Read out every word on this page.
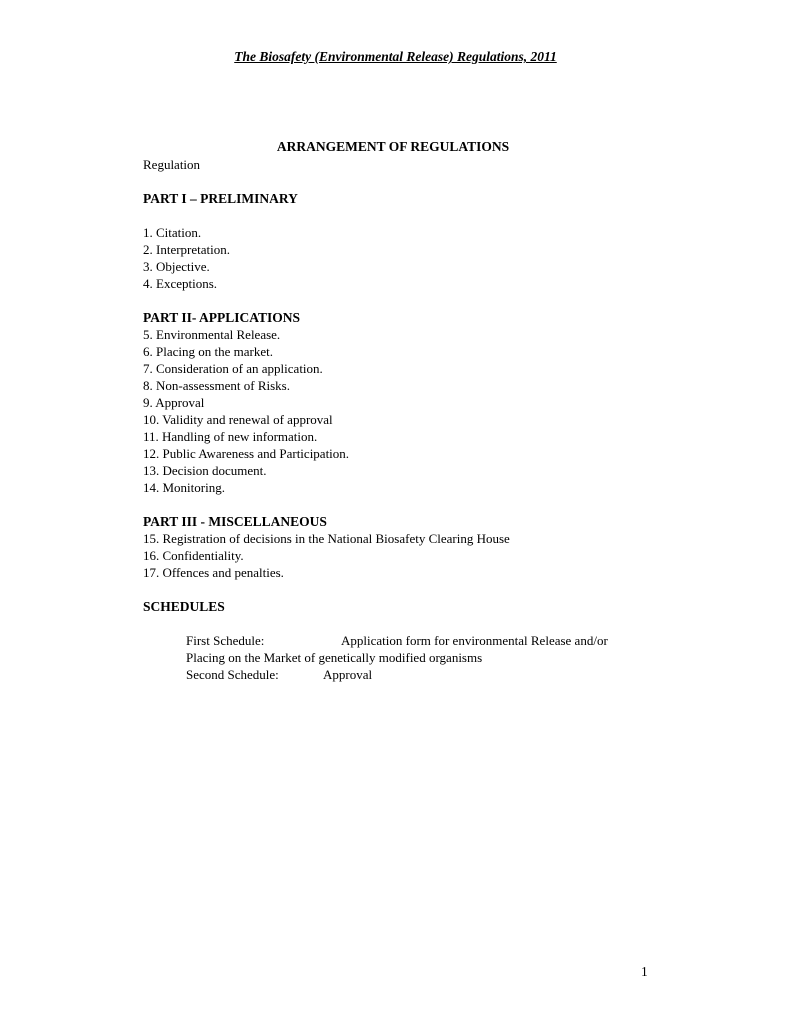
The Biosafety (Environmental Release) Regulations, 2011
ARRANGEMENT OF REGULATIONS
Regulation
PART I – PRELIMINARY
1. Citation.
2. Interpretation.
3. Objective.
4. Exceptions.
PART II- APPLICATIONS
5. Environmental Release.
6. Placing on the market.
7. Consideration of an application.
8. Non-assessment of Risks.
9. Approval
10. Validity and renewal of approval
11. Handling of new information.
12. Public Awareness and Participation.
13. Decision document.
14. Monitoring.
PART III - MISCELLANEOUS
15. Registration of decisions in the National Biosafety Clearing House
16. Confidentiality.
17. Offences and penalties.
SCHEDULES
First Schedule:	Application form for environmental Release and/or
Placing on the Market of genetically modified organisms
Second Schedule:	Approval
1
